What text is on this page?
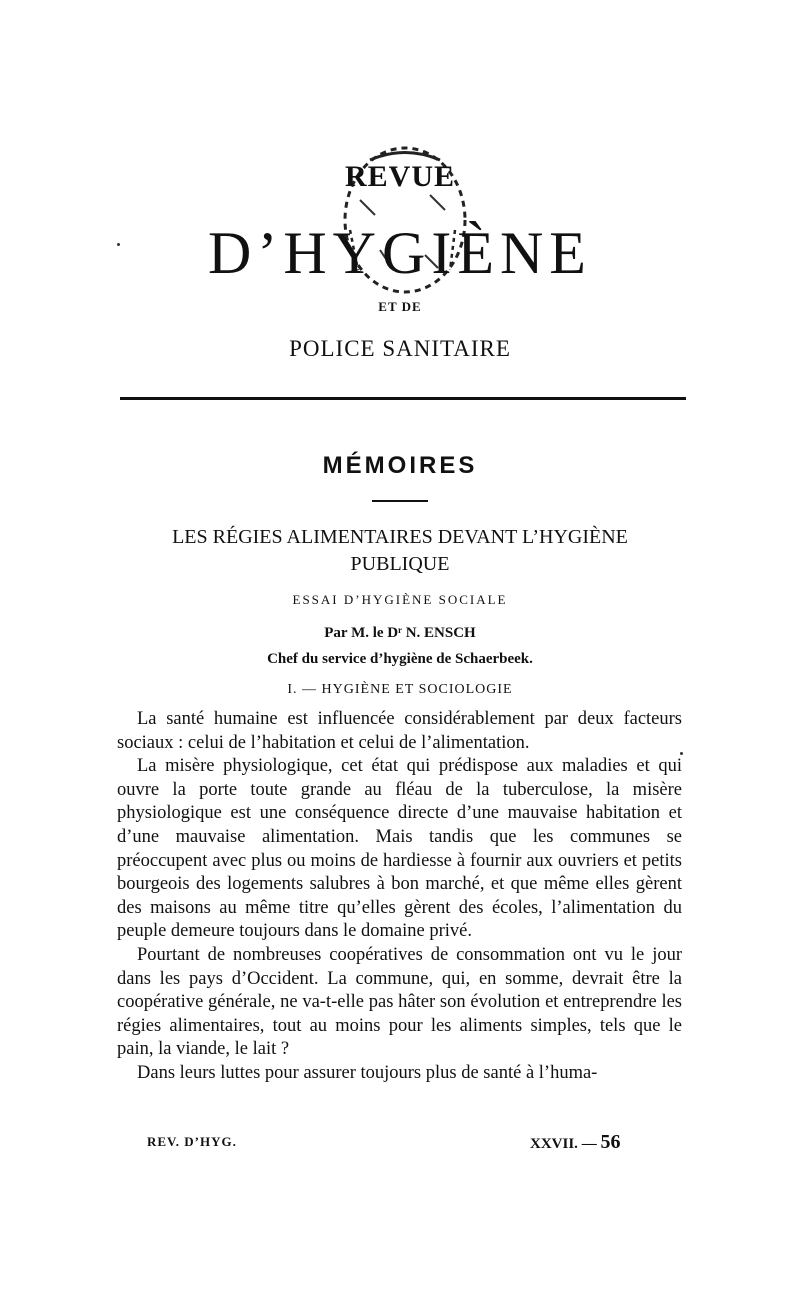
REVUE
D’HYGIÈNE
ET DE
POLICE SANITAIRE
MÉMOIRES
LES RÉGIES ALIMENTAIRES DEVANT L’HYGIÈNE PUBLIQUE
ESSAI D’HYGIÈNE SOCIALE
Par M. le Dʳ N. ENSCH
Chef du service d’hygiène de Schaerbeek.
I. — HYGIÈNE ET SOCIOLOGIE

La santé humaine est influencée considérablement par deux facteurs sociaux : celui de l’habitation et celui de l’alimentation.

La misère physiologique, cet état qui prédispose aux maladies et qui ouvre la porte toute grande au fléau de la tuberculose, la misère physiologique est une conséquence directe d’une mauvaise habitation et d’une mauvaise alimentation. Mais tandis que les communes se préoccupent avec plus ou moins de hardiesse à fournir aux ouvriers et petits bourgeois des logements salubres à bon marché, et que même elles gèrent des maisons au même titre qu’elles gèrent des écoles, l’alimentation du peuple demeure toujours dans le domaine privé.

Pourtant de nombreuses coopératives de consommation ont vu le jour dans les pays d’Occident. La commune, qui, en somme, devrait être la coopérative générale, ne va-t-elle pas hâter son évolution et entreprendre les régies alimentaires, tout au moins pour les aliments simples, tels que le pain, la viande, le lait ?

Dans leurs luttes pour assurer toujours plus de santé à l’huma-

REV. D’HYG.	XXVII. — 56
